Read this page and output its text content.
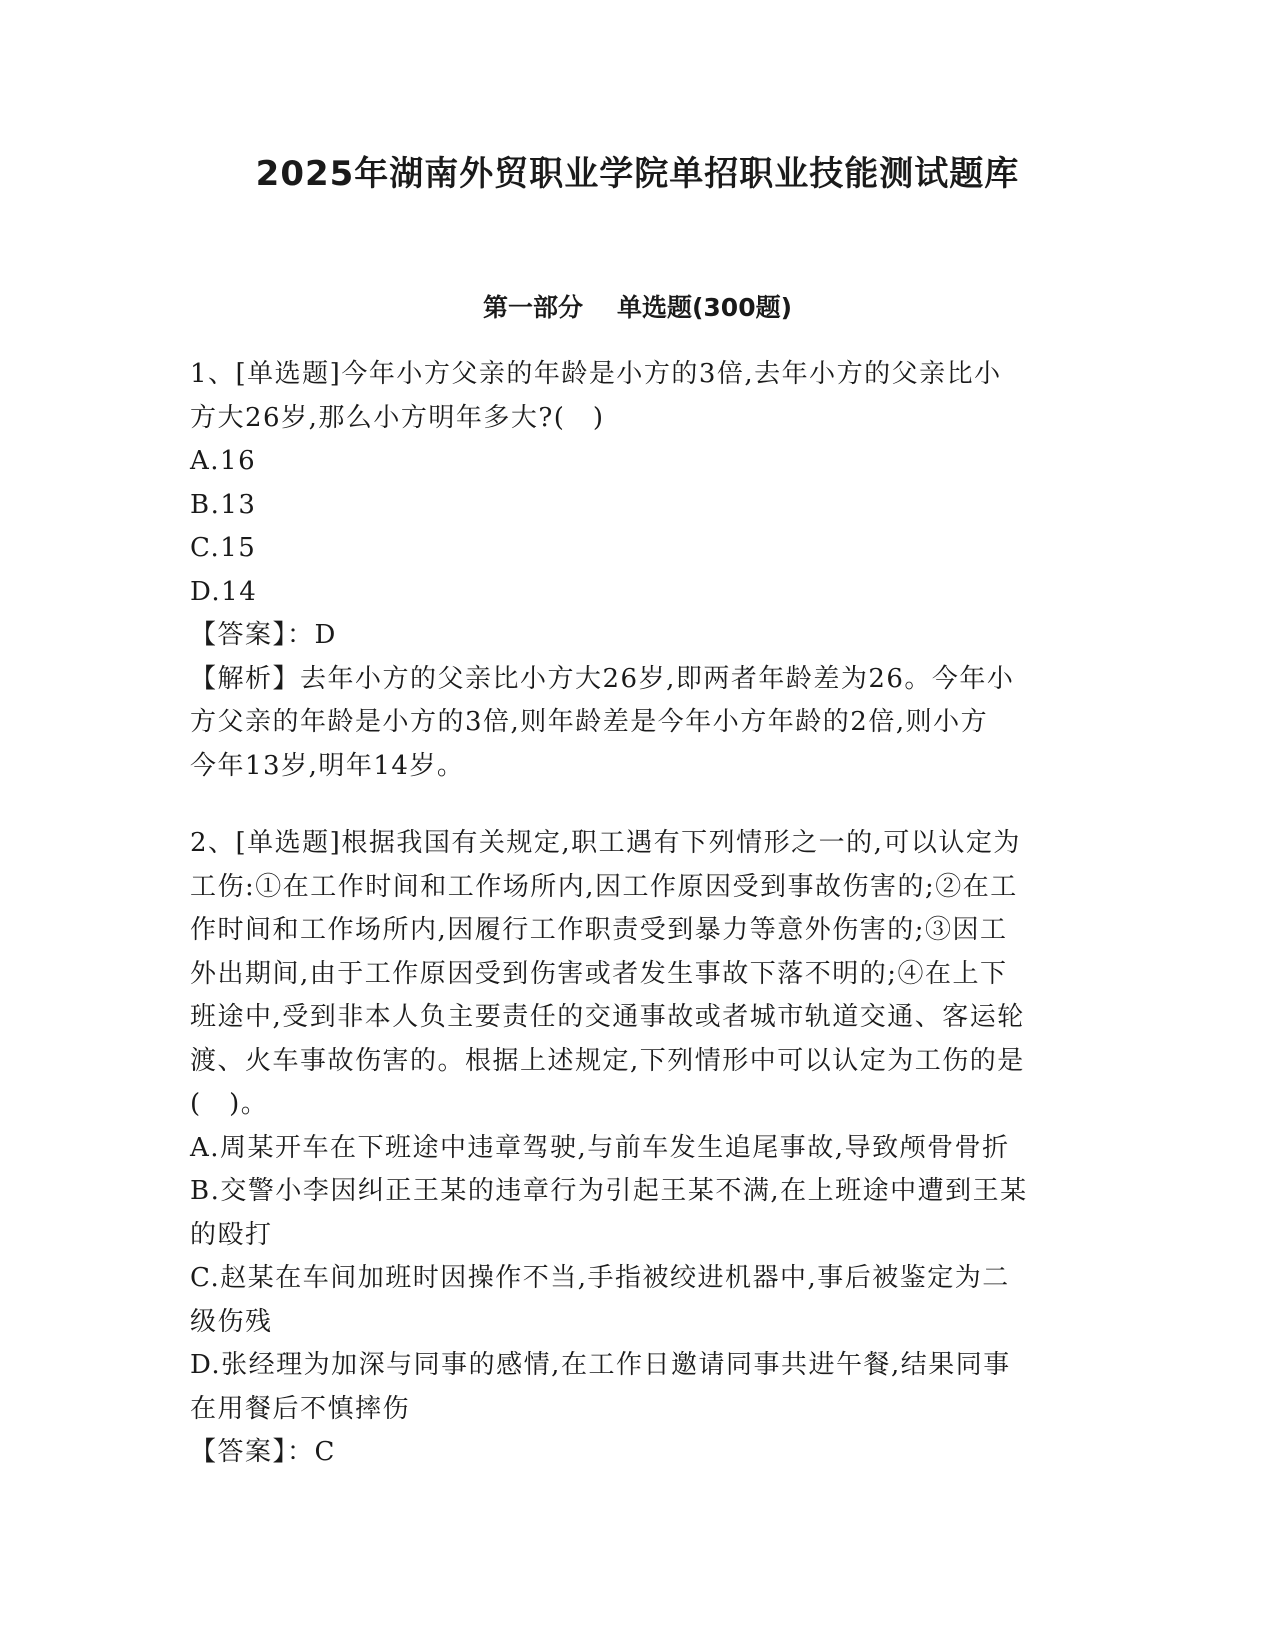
2025年湖南外贸职业学院单招职业技能测试题库
第一部分 单选题(300题)
1、[单选题]今年小方父亲的年龄是小方的3倍,去年小方的父亲比小
方大26岁,那么小方明年多大?(　)
A.16
B.13
C.15
D.14
【答案】：D
【解析】去年小方的父亲比小方大26岁,即两者年龄差为26。今年小
方父亲的年龄是小方的3倍,则年龄差是今年小方年龄的2倍,则小方
今年13岁,明年14岁。
2、[单选题]根据我国有关规定,职工遇有下列情形之一的,可以认定为
工伤:①在工作时间和工作场所内,因工作原因受到事故伤害的;②在工
作时间和工作场所内,因履行工作职责受到暴力等意外伤害的;③因工
外出期间,由于工作原因受到伤害或者发生事故下落不明的;④在上下
班途中,受到非本人负主要责任的交通事故或者城市轨道交通、客运轮
渡、火车事故伤害的。根据上述规定,下列情形中可以认定为工伤的是
(　)。
A.周某开车在下班途中违章驾驶,与前车发生追尾事故,导致颅骨骨折
B.交警小李因纠正王某的违章行为引起王某不满,在上班途中遭到王某
的殴打
C.赵某在车间加班时因操作不当,手指被绞进机器中,事后被鉴定为二
级伤残
D.张经理为加深与同事的感情,在工作日邀请同事共进午餐,结果同事
在用餐后不慎摔伤
【答案】：C
